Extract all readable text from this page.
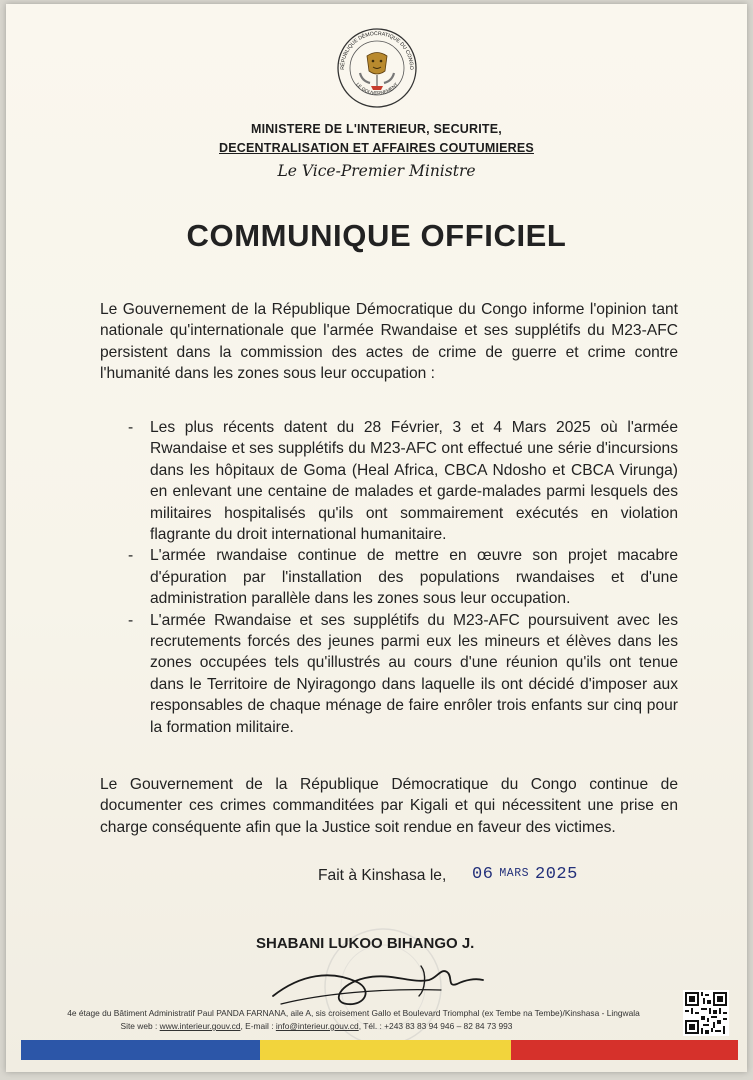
RÉPUBLIQUE DÉMOCRATIQUE DU CONGO
LE GOUVERNEMENT
MINISTERE DE L'INTERIEUR, SECURITE,
DECENTRALISATION ET AFFAIRES COUTUMIERES
Le Vice-Premier Ministre
COMMUNIQUE OFFICIEL
Le Gouvernement de la République Démocratique du Congo informe l'opinion tant nationale qu'internationale que l'armée Rwandaise et ses supplétifs du M23-AFC persistent dans la commission des actes de crime de guerre et crime contre l'humanité dans les zones sous leur occupation :
- Les plus récents datent du 28 Février, 3 et 4 Mars 2025 où l'armée Rwandaise et ses supplétifs du M23-AFC ont effectué une série d'incursions dans les hôpitaux de Goma (Heal Africa, CBCA Ndosho et CBCA Virunga) en enlevant une centaine de malades et garde-malades parmi lesquels des militaires hospitalisés qu'ils ont sommairement exécutés en violation flagrante du droit international humanitaire.
- L'armée rwandaise continue de mettre en œuvre son projet macabre d'épuration par l'installation des populations rwandaises et d'une administration parallèle dans les zones sous leur occupation.
- L'armée Rwandaise et ses supplétifs du M23-AFC poursuivent avec les recrutements forcés des jeunes parmi eux les mineurs et élèves dans les zones occupées tels qu'illustrés au cours d'une réunion qu'ils ont tenue dans le Territoire de Nyiragongo dans laquelle ils ont décidé d'imposer aux responsables de chaque ménage de faire enrôler trois enfants sur cinq pour la formation militaire.
Le Gouvernement de la République Démocratique du Congo continue de documenter ces crimes commanditées par Kigali et qui nécessitent une prise en charge conséquente afin que la Justice soit rendue en faveur des victimes.
Fait à Kinshasa le, 06 MARS 2025
SHABANI LUKOO BIHANGO J.
4e étage du Bâtiment Administratif Paul PANDA FARNANA, aile A, sis croisement Gallo et Boulevard Triomphal (ex Tembe na Tembe)/Kinshasa - Lingwala
Site web : www.interieur.gouv.cd, E-mail : info@interieur.gouv.cd, Tél. : +243 83 83 94 946 – 82 84 73 993
